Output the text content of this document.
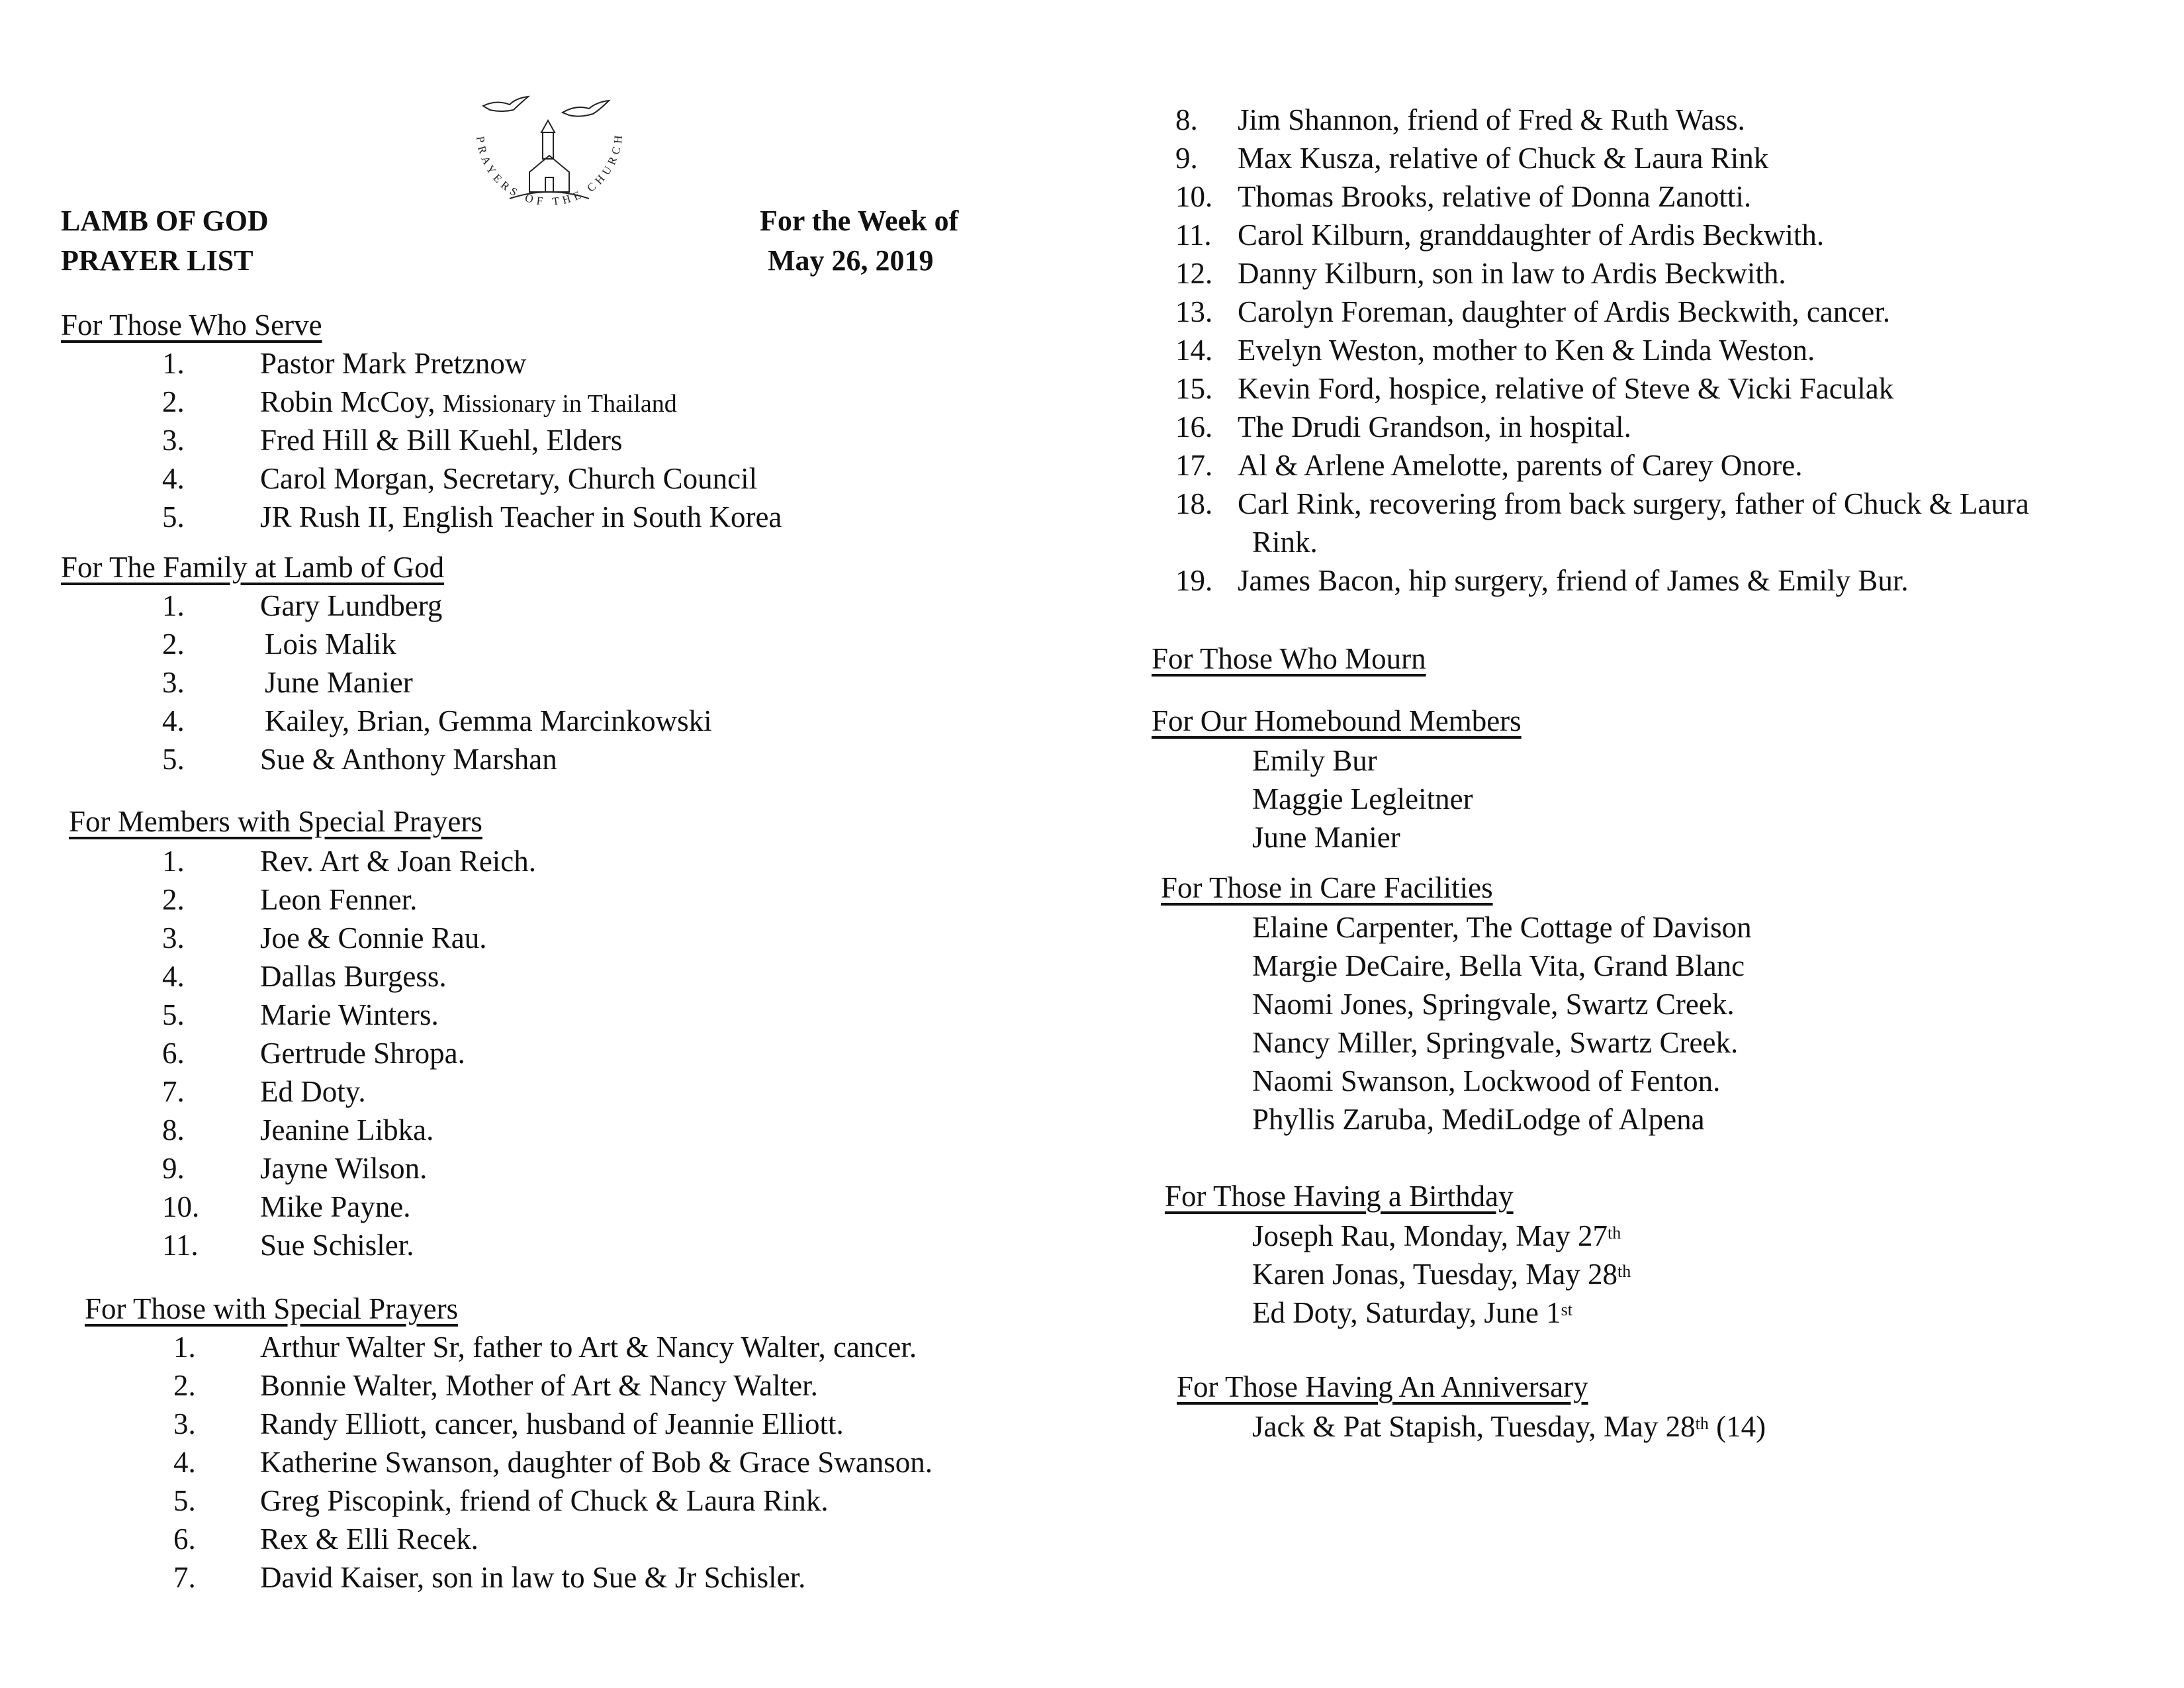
LAMB OF GOD
PRAYER LIST
For the Week of
May 26, 2019
PRAYERS OF THE CHURCH
For Those Who Serve
1.	Pastor Mark Pretznow
2.	Robin McCoy, Missionary in Thailand
3.	Fred Hill & Bill Kuehl, Elders
4.	Carol Morgan, Secretary, Church Council
5.	JR Rush II, English Teacher in South Korea
For The Family at Lamb of God
1.	Gary Lundberg
2.	Lois Malik
3.	June Manier
4.	Kailey, Brian, Gemma Marcinkowski
5.	Sue & Anthony Marshan
For Members with Special Prayers
1.	Rev. Art & Joan Reich.
2.	Leon Fenner.
3.	Joe & Connie Rau.
4.	Dallas Burgess.
5.	Marie Winters.
6.	Gertrude Shropa.
7.	Ed Doty.
8.	Jeanine Libka.
9.	Jayne Wilson.
10. Mike Payne.
11. Sue Schisler.
For Those with Special Prayers
1. Arthur Walter Sr, father to Art & Nancy Walter, cancer.
2. Bonnie Walter, Mother of Art & Nancy Walter.
3. Randy Elliott, cancer, husband of Jeannie Elliott.
4. Katherine Swanson, daughter of Bob & Grace Swanson.
5. Greg Piscopink, friend of Chuck & Laura Rink.
6. Rex & Elli Recek.
7. David Kaiser, son in law to Sue & Jr Schisler.
8. Jim Shannon, friend of Fred & Ruth Wass.
9. Max Kusza, relative of Chuck & Laura Rink
10. Thomas Brooks, relative of Donna Zanotti.
11. Carol Kilburn, granddaughter of Ardis Beckwith.
12. Danny Kilburn, son in law to Ardis Beckwith.
13. Carolyn Foreman, daughter of Ardis Beckwith, cancer.
14. Evelyn Weston, mother to Ken & Linda Weston.
15. Kevin Ford, hospice, relative of Steve & Vicki Faculak
16. The Drudi Grandson, in hospital.
17. Al & Arlene Amelotte, parents of Carey Onore.
18. Carl Rink, recovering from back surgery, father of Chuck & Laura
Rink.
19. James Bacon, hip surgery, friend of James & Emily Bur.
For Those Who Mourn
For Our Homebound Members
Emily Bur
Maggie Legleitner
June Manier
For Those in Care Facilities
Elaine Carpenter, The Cottage of Davison
Margie DeCaire, Bella Vita, Grand Blanc
Naomi Jones, Springvale, Swartz Creek.
Nancy Miller, Springvale, Swartz Creek.
Naomi Swanson, Lockwood of Fenton.
Phyllis Zaruba, MediLodge of Alpena
For Those Having a Birthday
Joseph Rau, Monday, May 27th
Karen Jonas, Tuesday, May 28th
Ed Doty, Saturday, June 1st
For Those Having An Anniversary
Jack & Pat Stapish, Tuesday, May 28th (14)
